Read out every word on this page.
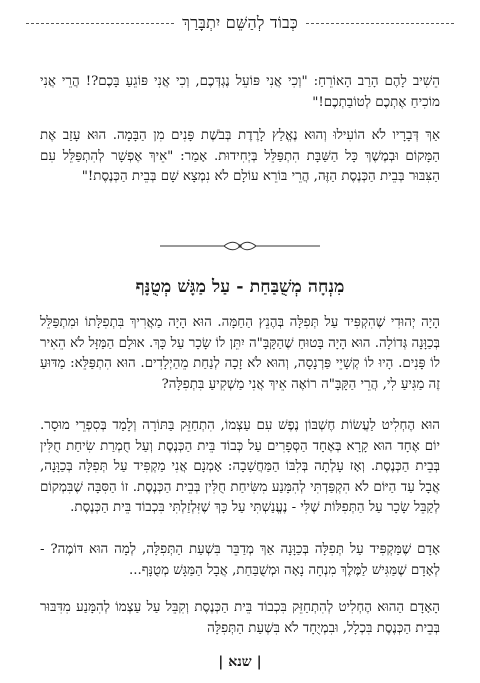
כְּבוֹד לְהַשֵּׁם יִתְבָּרַךְ

הֵשִׁיב לָהֶם הָרַב הָאוֹרֵחַ: "וְכִי אֲנִי פּוֹעֵל נֶגְדְּכֶם, וְכִי אֲנִי פּוֹגֵעַ בָּכֶם?! הֲרֵי אֲנִי מוֹכִיחַ אֶתְכֶם לְטוֹבַתְכֶם!"

אַךְ דְּבָרָיו לֹא הוֹעִילוּ וְהוּא נֶאֱלַץ לָרֶדֶת בְּבֹשֶׁת פָּנִים מִן הַבָּמָה. הוּא עָזַב אֶת הַמָּקוֹם וּבְמֶשֶׁךְ כָּל הַשַּׁבָּת הִתְפַּלֵּל בְּיְחִידוּת. אָמַר: "אֵיךְ אֶפְשָׁר לְהִתְפַּלֵּל עִם הַצִּבּוּר בְּבֵית הַכְּנֶסֶת הַזֶּה, הֲרֵי בּוֹרֵא עוֹלָם לֹא נִמְצָא שָׁם בְּבֵית הַכְּנֶסֶת!"

מִנְחָה מְשֻׁבַּחַת - עַל מַגָּשׁ מְטֻנָּף

הָיָה יְהוּדִי שֶׁהִקְפִּיד עַל תְּפִלָּה בְּהֶנֵץ הַחַמָּה. הוּא הָיָה מַאֲרִיךְ בִּתְפִלָּתוֹ וּמִתְפַּלֵּל בְּכַוָּנָה גְּדוֹלָה. הוּא הָיָה בָּטוּחַ שֶׁהַקָּבָּ"ה יִתֵּן לוֹ שָׂכָר עַל כָּךְ. אוּלָם הַמַּזָּל לֹא הֵאִיר לוֹ פָּנִים. הָיוּ לוֹ קְשָׁיֵי פַּרְנָסָה, וְהוּא לֹא זָכָה לְנַחַת מֵהַיְלָדִים. הוּא הִתְפַּלֵּא: מַדּוּעַ זֶה מַגִּיעַ לִי, הֲרֵי הַקָּבָּ"ה רוֹאֶה אֵיךְ אֲנִי מַשְׁקִיעַ בִּתְפִלָּה?

הוּא הֶחְלִיט לַעֲשׂוֹת חֶשְׁבּוֹן נֶפֶשׁ עִם עַצְמוֹ, הִתְחַזֵּק בַּתּוֹרָה וְלָמַד בְּסִפְרֵי מוּסָר. יוֹם אֶחָד הוּא קָרָא בְּאֶחָד הַסְּפָרִים עַל כְּבוֹד בֵּית הַכְּנֶסֶת וְעַל חֻמְרַת שִׂיחַת חֻלִּין בְּבֵית הַכְּנֶסֶת. וְאָז עָלְתָה בְּלִבּוֹ הַמַּחֲשָׁבָה: אָמְנָם אֲנִי מַקְפִּיד עַל תְּפִלָּה בְּכַוָּנָה, אֲבָל עַד הַיּוֹם לֹא הִקְפַּדְתִּי לְהִמָּנַע מִשִּׂיחַת חֻלִּין בְּבֵית הַכְּנֶסֶת. זוֹ הַסִּבָּה שֶׁבִּמְקוֹם לְקַבֵּל שָׂכָר עַל הַתְּפִלּוֹת שֶׁלִּי - נֶעֱנַשְׁתִּי עַל כָּךְ שֶׁזִּלְזַלְתִּי בִּכְבוֹד בֵּית הַכְּנֶסֶת.

אָדָם שֶׁמַּקְפִּיד עַל תְּפִלָּה בְּכַוָּנָה אַךְ מְדַבֵּר בִּשְׁעַת הַתְּפִלָּה, לְמָה הוּא דּוֹמֶה? - לְאָדָם שֶׁמַּגִּישׁ לַמֶּלֶךְ מִנְחָה נָאָה וּמְשֻׁבַּחַת, אֲבָל הַמַּגָּשׁ מְטֻנָּף...

הָאָדָם הַהוּא הֶחְלִיט לְהִתְחַזֵּק בִּכְבוֹד בֵּית הַכְּנֶסֶת וְקִבֵּל עַל עַצְמוֹ לְהִמָּנַע מִדִּבּוּר בְּבֵית הַכְּנֶסֶת בִּכְלָל, וּבִמְיֻחָד לֹא בִּשְׁעַת הַתְּפִלָּה

| שנא |
